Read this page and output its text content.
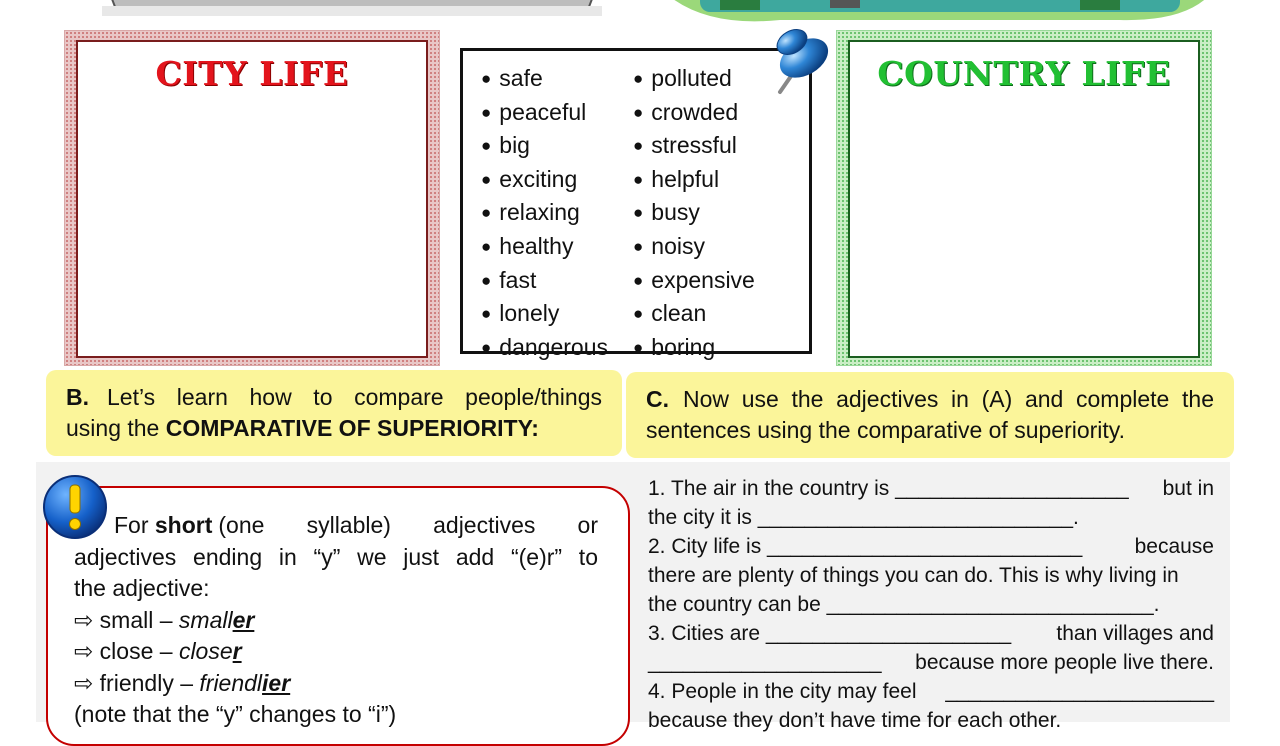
CITY LIFE	COUNTRY LIFE
● safe
● peaceful
● big
● exciting
● relaxing
● healthy
● fast
● lonely
● dangerous
● polluted
● crowded
● stressful
● helpful
● busy
● noisy
● expensive
● clean
● boring
B. Let’s learn how to compare people/things
using the COMPARATIVE OF SUPERIORITY:
C. Now use the adjectives in (A) and complete the
sentences using the comparative of superiority.
For short (one syllable) adjectives or
adjectives ending in “y” we just add “(e)r” to
the adjective:
⇨ small – smaller
⇨ close – closer
⇨ friendly – friendlier
(note that the “y” changes to “i”)
1. The air in the country is ____________________ but in
the city it is ___________________________.
2. City life is ___________________________ because
there are plenty of things you can do. This is why living in
the country can be ____________________________.
3. Cities are _____________________ than villages and
____________________ because more people live there.
4. People in the city may feel _______________________
because they don’t have time for each other.
